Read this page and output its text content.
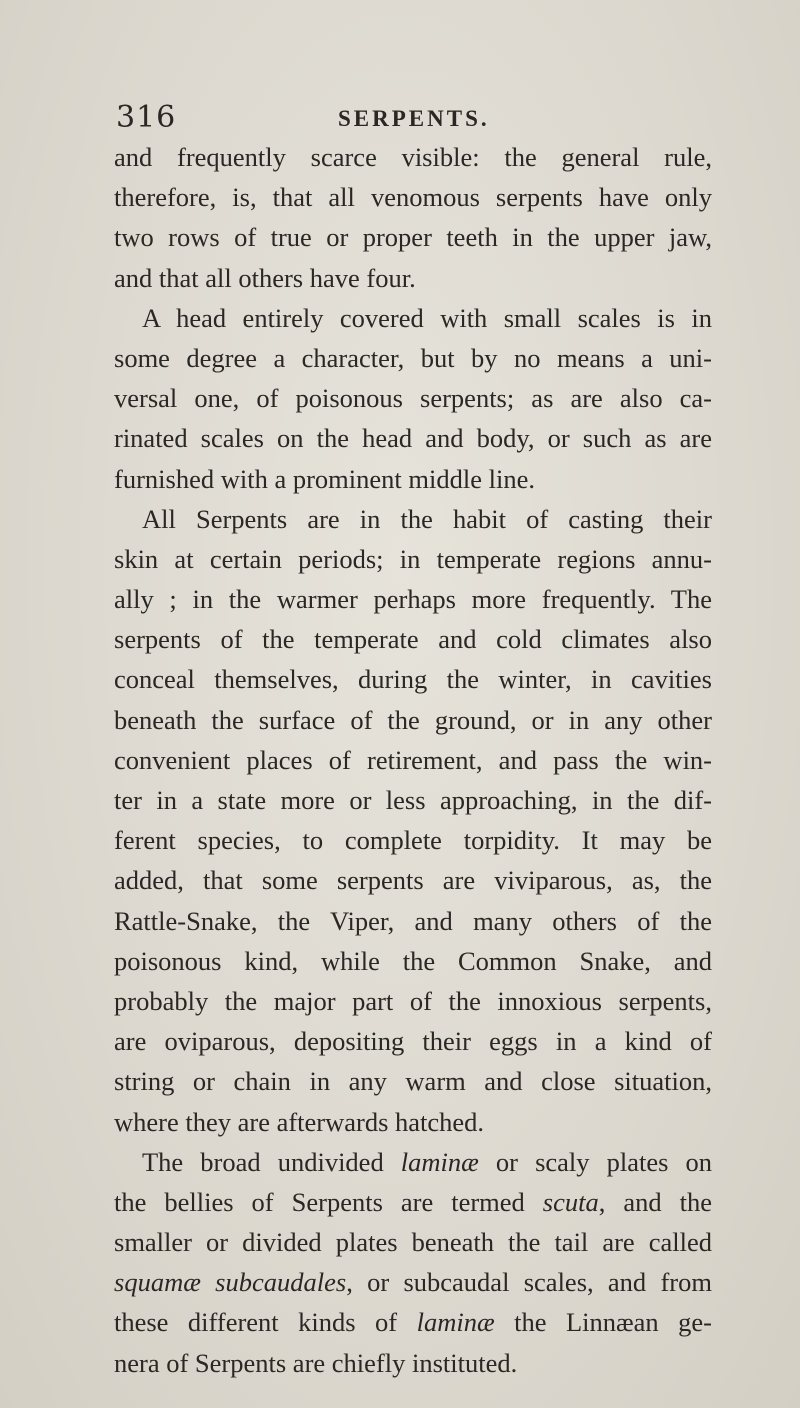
316	SERPENTS.
and frequently scarce visible: the general rule,
therefore, is, that all venomous serpents have only
two rows of true or proper teeth in the upper jaw,
and that all others have four.
A head entirely covered with small scales is in
some degree a character, but by no means a uni-
versal one, of poisonous serpents; as are also ca-
rinated scales on the head and body, or such as are
furnished with a prominent middle line.
All Serpents are in the habit of casting their
skin at certain periods; in temperate regions annu-
ally ; in the warmer perhaps more frequently. The
serpents of the temperate and cold climates also
conceal themselves, during the winter, in cavities
beneath the surface of the ground, or in any other
convenient places of retirement, and pass the win-
ter in a state more or less approaching, in the dif-
ferent species, to complete torpidity. It may be
added, that some serpents are viviparous, as, the
Rattle-Snake, the Viper, and many others of the
poisonous kind, while the Common Snake, and
probably the major part of the innoxious serpents,
are oviparous, depositing their eggs in a kind of
string or chain in any warm and close situation,
where they are afterwards hatched.
The broad undivided laminæ or scaly plates on
the bellies of Serpents are termed scuta, and the
smaller or divided plates beneath the tail are called
squamæ subcaudales, or subcaudal scales, and from
these different kinds of laminæ the Linnæan ge-
nera of Serpents are chiefly instituted.
